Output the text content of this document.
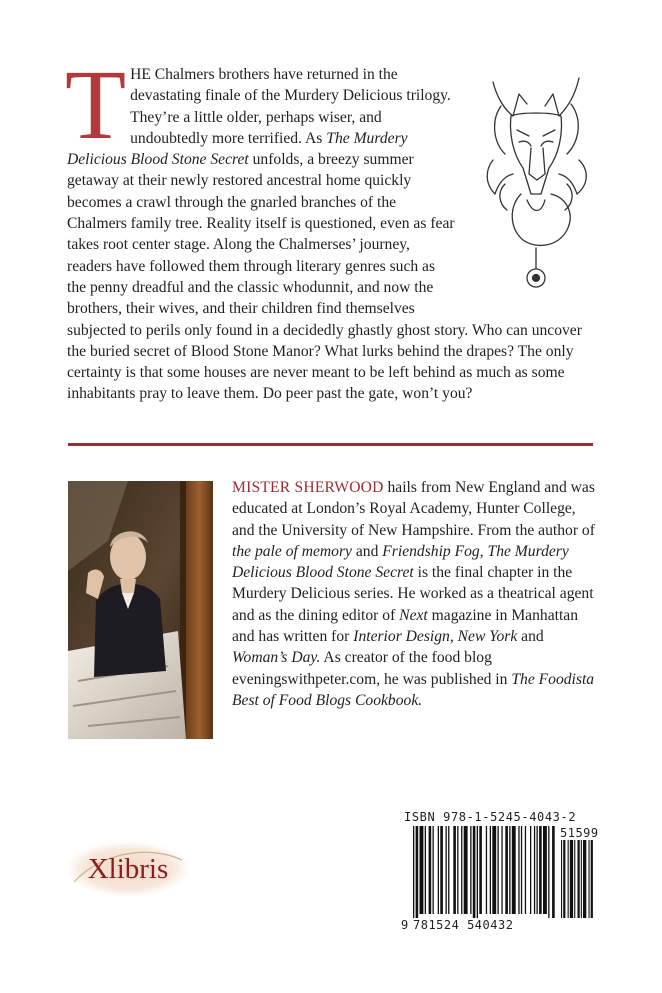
T HE Chalmers brothers have returned in the devastating finale of the Murdery Delicious trilogy. They’re a little older, perhaps wiser, and undoubtedly more terrified. As The Murdery Delicious Blood Stone Secret unfolds, a breezy summer getaway at their newly restored ancestral home quickly becomes a crawl through the gnarled branches of the Chalmers family tree. Reality itself is questioned, even as fear takes root center stage. Along the Chalmerses’ journey, readers have followed them through literary genres such as the penny dreadful and the classic whodunnit, and now the brothers, their wives, and their children find themselves subjected to perils only found in a decidedly ghastly ghost story. Who can uncover the buried secret of Blood Stone Manor? What lurks behind the drapes? The only certainty is that some houses are never meant to be left behind as much as some inhabitants pray to leave them. Do peer past the gate, won’t you?
MISTER SHERWOOD hails from New England and was educated at London’s Royal Academy, Hunter College, and the University of New Hampshire. From the author of the pale of memory and Friendship Fog, The Murdery Delicious Blood Stone Secret is the final chapter in the Murdery Delicious series. He worked as a theatrical agent and as the dining editor of Next magazine in Manhattan and has written for Interior Design, New York and Woman’s Day. As creator of the food blog eveningswithpeter.com, he was published in The Foodista Best of Food Blogs Cookbook.
Xlibris
ISBN 978-1-5245-4043-2
51599
9 781524 540432
